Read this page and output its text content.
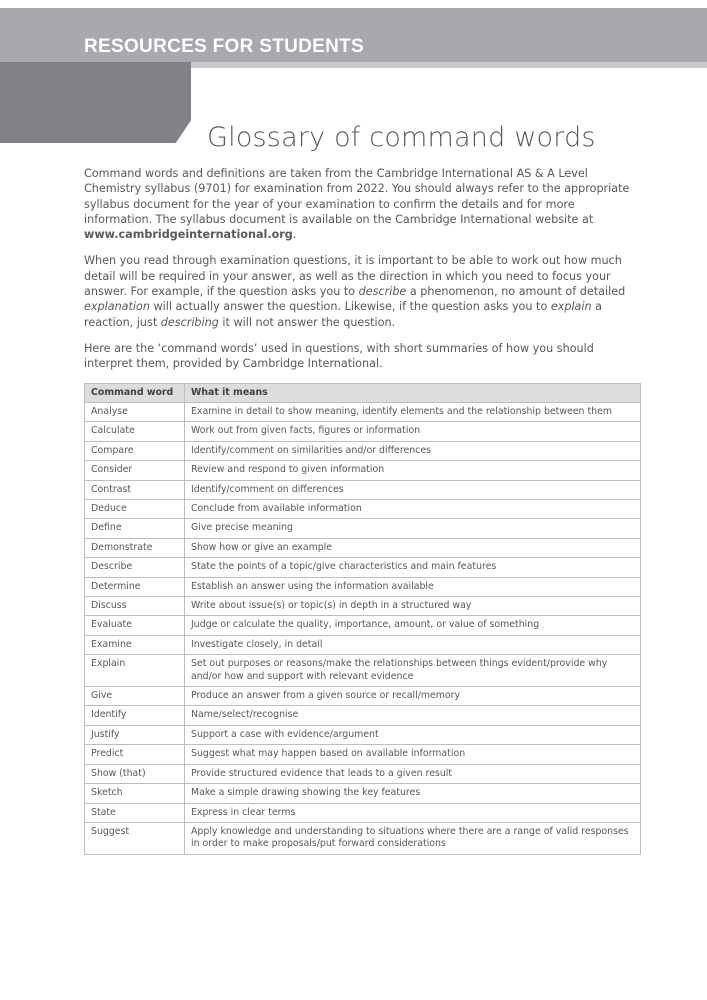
RESOURCES FOR STUDENTS
Glossary of command words

Command words and definitions are taken from the Cambridge International AS & A Level Chemistry syllabus (9701) for examination from 2022. You should always refer to the appropriate syllabus document for the year of your examination to confirm the details and for more information. The syllabus document is available on the Cambridge International website at www.cambridgeinternational.org.

When you read through examination questions, it is important to be able to work out how much detail will be required in your answer, as well as the direction in which you need to focus your answer. For example, if the question asks you to describe a phenomenon, no amount of detailed explanation will actually answer the question. Likewise, if the question asks you to explain a reaction, just describing it will not answer the question.

Here are the ‘command words’ used in questions, with short summaries of how you should interpret them, provided by Cambridge International.

Command word	What it means
Analyse	Examine in detail to show meaning, identify elements and the relationship between them
Calculate	Work out from given facts, figures or information
Compare	Identify/comment on similarities and/or differences
Consider	Review and respond to given information
Contrast	Identify/comment on differences
Deduce	Conclude from available information
Define	Give precise meaning
Demonstrate	Show how or give an example
Describe	State the points of a topic/give characteristics and main features
Determine	Establish an answer using the information available
Discuss	Write about issue(s) or topic(s) in depth in a structured way
Evaluate	Judge or calculate the quality, importance, amount, or value of something
Examine	Investigate closely, in detail
Explain	Set out purposes or reasons/make the relationships between things evident/provide why and/or how and support with relevant evidence
Give	Produce an answer from a given source or recall/memory
Identify	Name/select/recognise
Justify	Support a case with evidence/argument
Predict	Suggest what may happen based on available information
Show (that)	Provide structured evidence that leads to a given result
Sketch	Make a simple drawing showing the key features
State	Express in clear terms
Suggest	Apply knowledge and understanding to situations where there are a range of valid responses in order to make proposals/put forward considerations
